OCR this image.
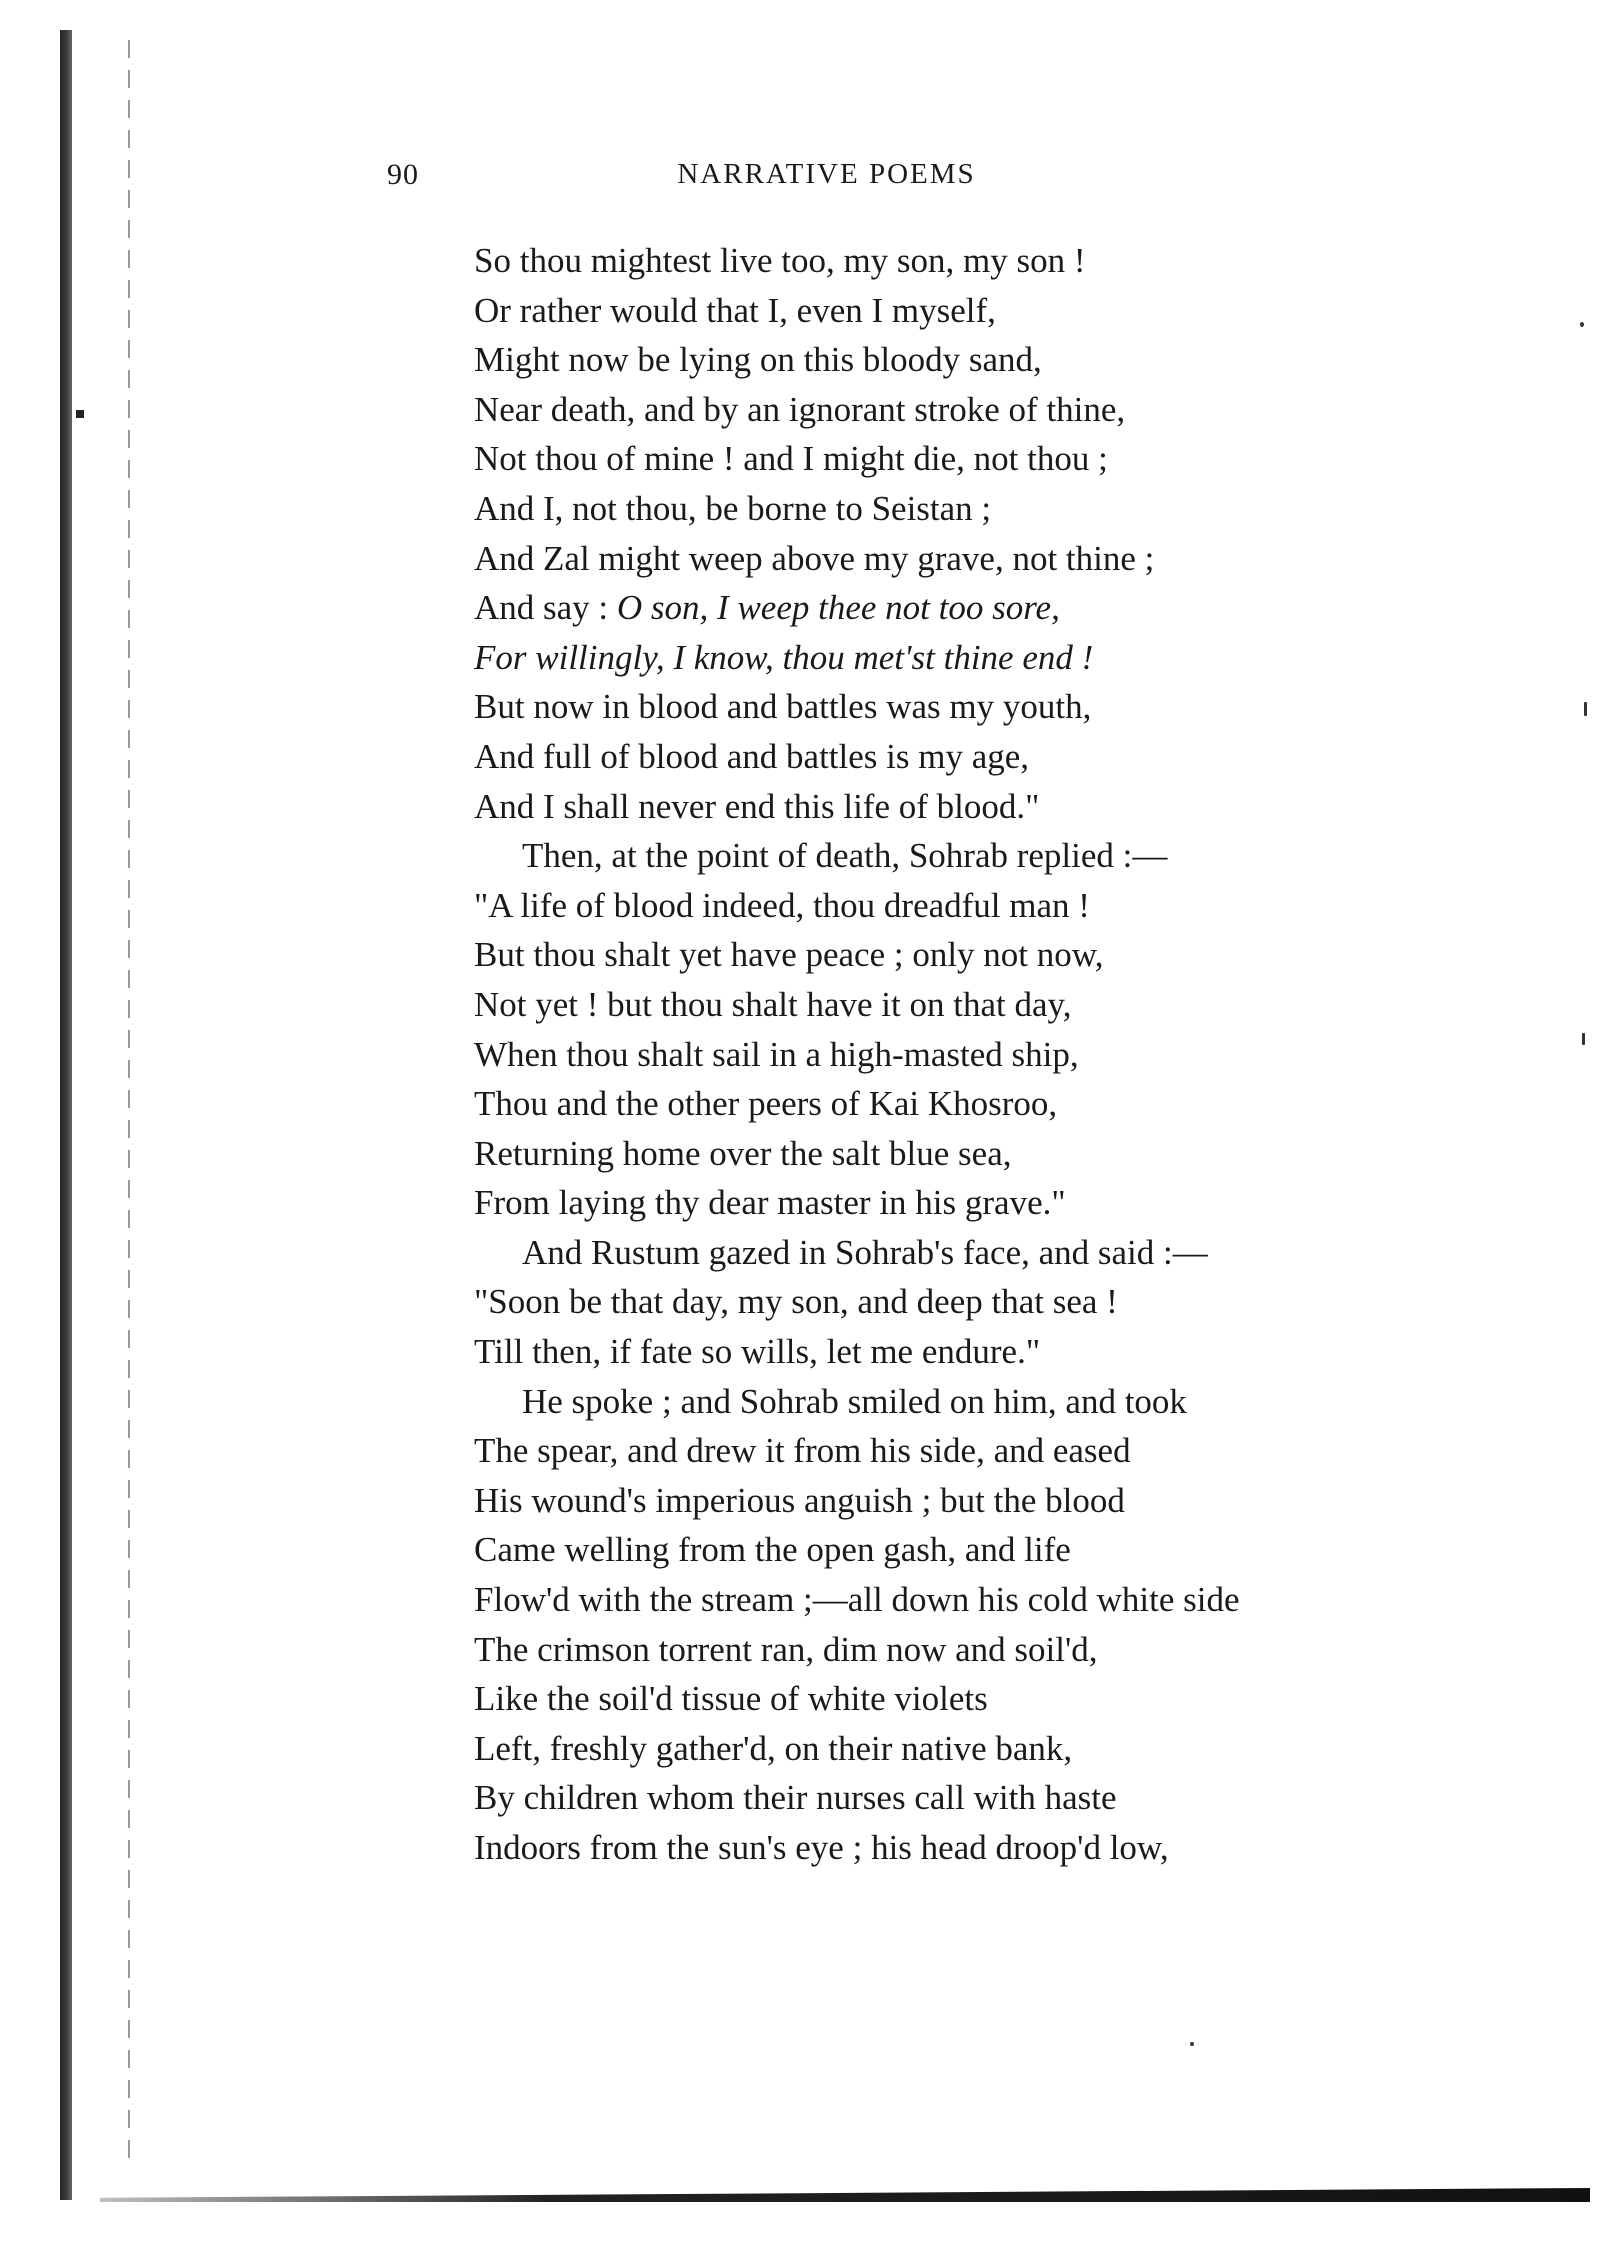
90	NARRATIVE POEMS
So thou mightest live too, my son, my son !
Or rather would that I, even I myself,
Might now be lying on this bloody sand,
Near death, and by an ignorant stroke of thine,
Not thou of mine ! and I might die, not thou ;
And I, not thou, be borne to Seistan ;
And Zal might weep above my grave, not thine ;
And say : O son, I weep thee not too sore,
For willingly, I know, thou met'st thine end !
But now in blood and battles was my youth,
And full of blood and battles is my age,
And I shall never end this life of blood."
Then, at the point of death, Sohrab replied :—
"A life of blood indeed, thou dreadful man !
But thou shalt yet have peace ; only not now,
Not yet ! but thou shalt have it on that day,
When thou shalt sail in a high-masted ship,
Thou and the other peers of Kai Khosroo,
Returning home over the salt blue sea,
From laying thy dear master in his grave."
And Rustum gazed in Sohrab's face, and said :—
"Soon be that day, my son, and deep that sea !
Till then, if fate so wills, let me endure."
He spoke ; and Sohrab smiled on him, and took
The spear, and drew it from his side, and eased
His wound's imperious anguish ; but the blood
Came welling from the open gash, and life
Flow'd with the stream ;—all down his cold white side
The crimson torrent ran, dim now and soil'd,
Like the soil'd tissue of white violets
Left, freshly gather'd, on their native bank,
By children whom their nurses call with haste
Indoors from the sun's eye ; his head droop'd low,
